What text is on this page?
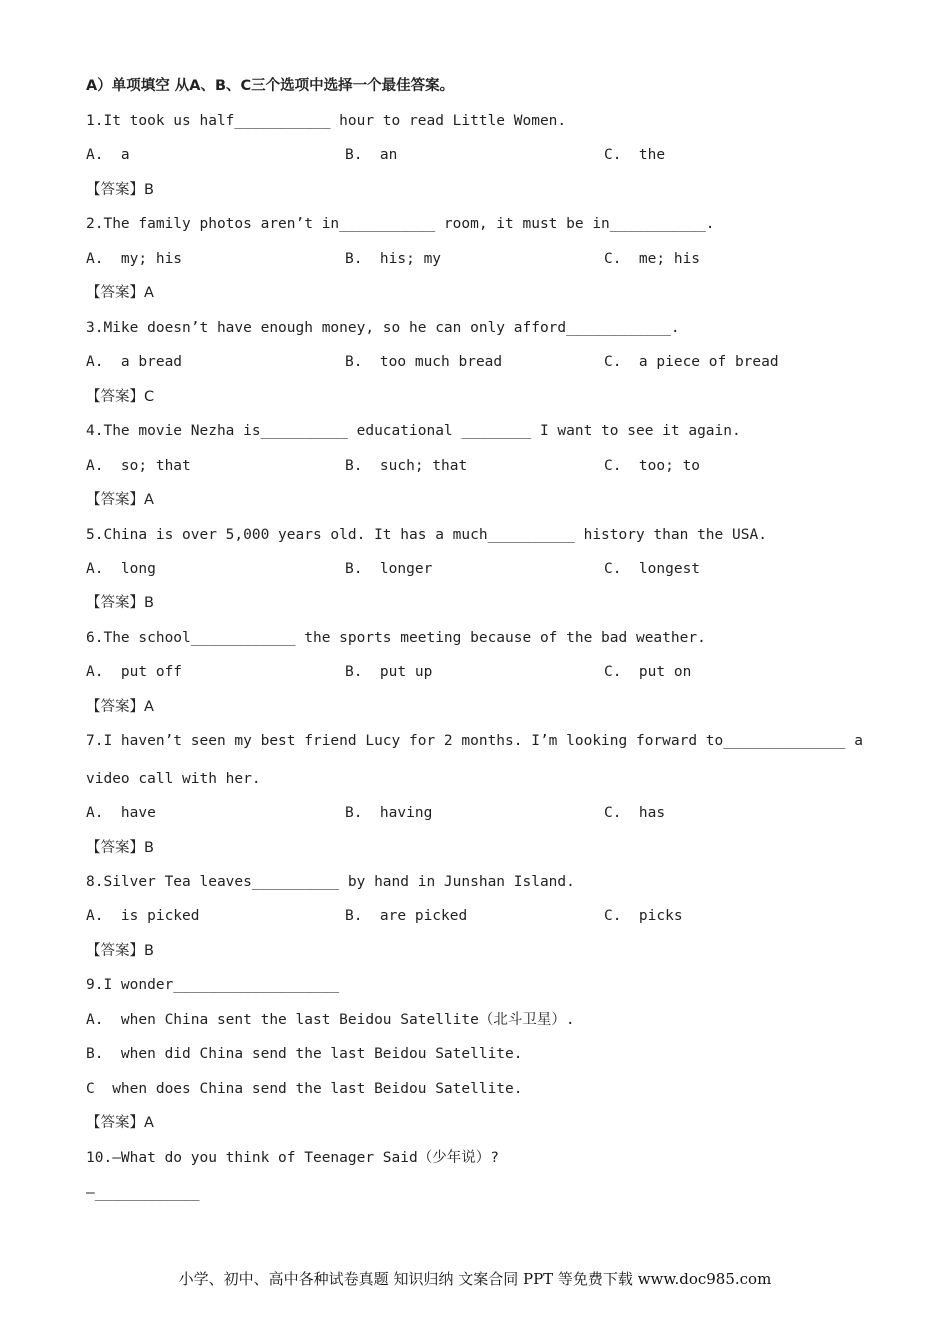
A）单项填空 从A、B、C三个选项中选择一个最佳答案。
1.It took us half___________ hour to read Little Women.
A.  a	B.  an	C.  the
【答案】B
2.The family photos aren’t in___________ room, it must be in___________.
A.  my; his	B.  his; my	C.  me; his
【答案】A
3.Mike doesn’t have enough money, so he can only afford____________.
A.  a bread	B.  too much bread	C.  a piece of bread
【答案】C
4.The movie Nezha is__________ educational ________ I want to see it again.
A.  so; that	B.  such; that	C.  too; to
【答案】A
5.China is over 5,000 years old. It has a much__________ history than the USA.
A.  long	B.  longer	C.  longest
【答案】B
6.The school____________ the sports meeting because of the bad weather.
A.  put off	B.  put up	C.  put on
【答案】A
7.I haven’t seen my best friend Lucy for 2 months. I’m looking forward to______________ a
video call with her.
A.  have	B.  having	C.  has
【答案】B
8.Silver Tea leaves__________ by hand in Junshan Island.
A.  is picked	B.  are picked	C.  picks
【答案】B
9.I wonder___________________
A.  when China sent the last Beidou Satellite（北斗卫星）.
B.  when did China send the last Beidou Satellite.
C  when does China send the last Beidou Satellite.
【答案】A
10.—What do you think of Teenager Said（少年说）?
—____________
小学、初中、高中各种试卷真题 知识归纳 文案合同 PPT 等免费下载 www.doc985.com
